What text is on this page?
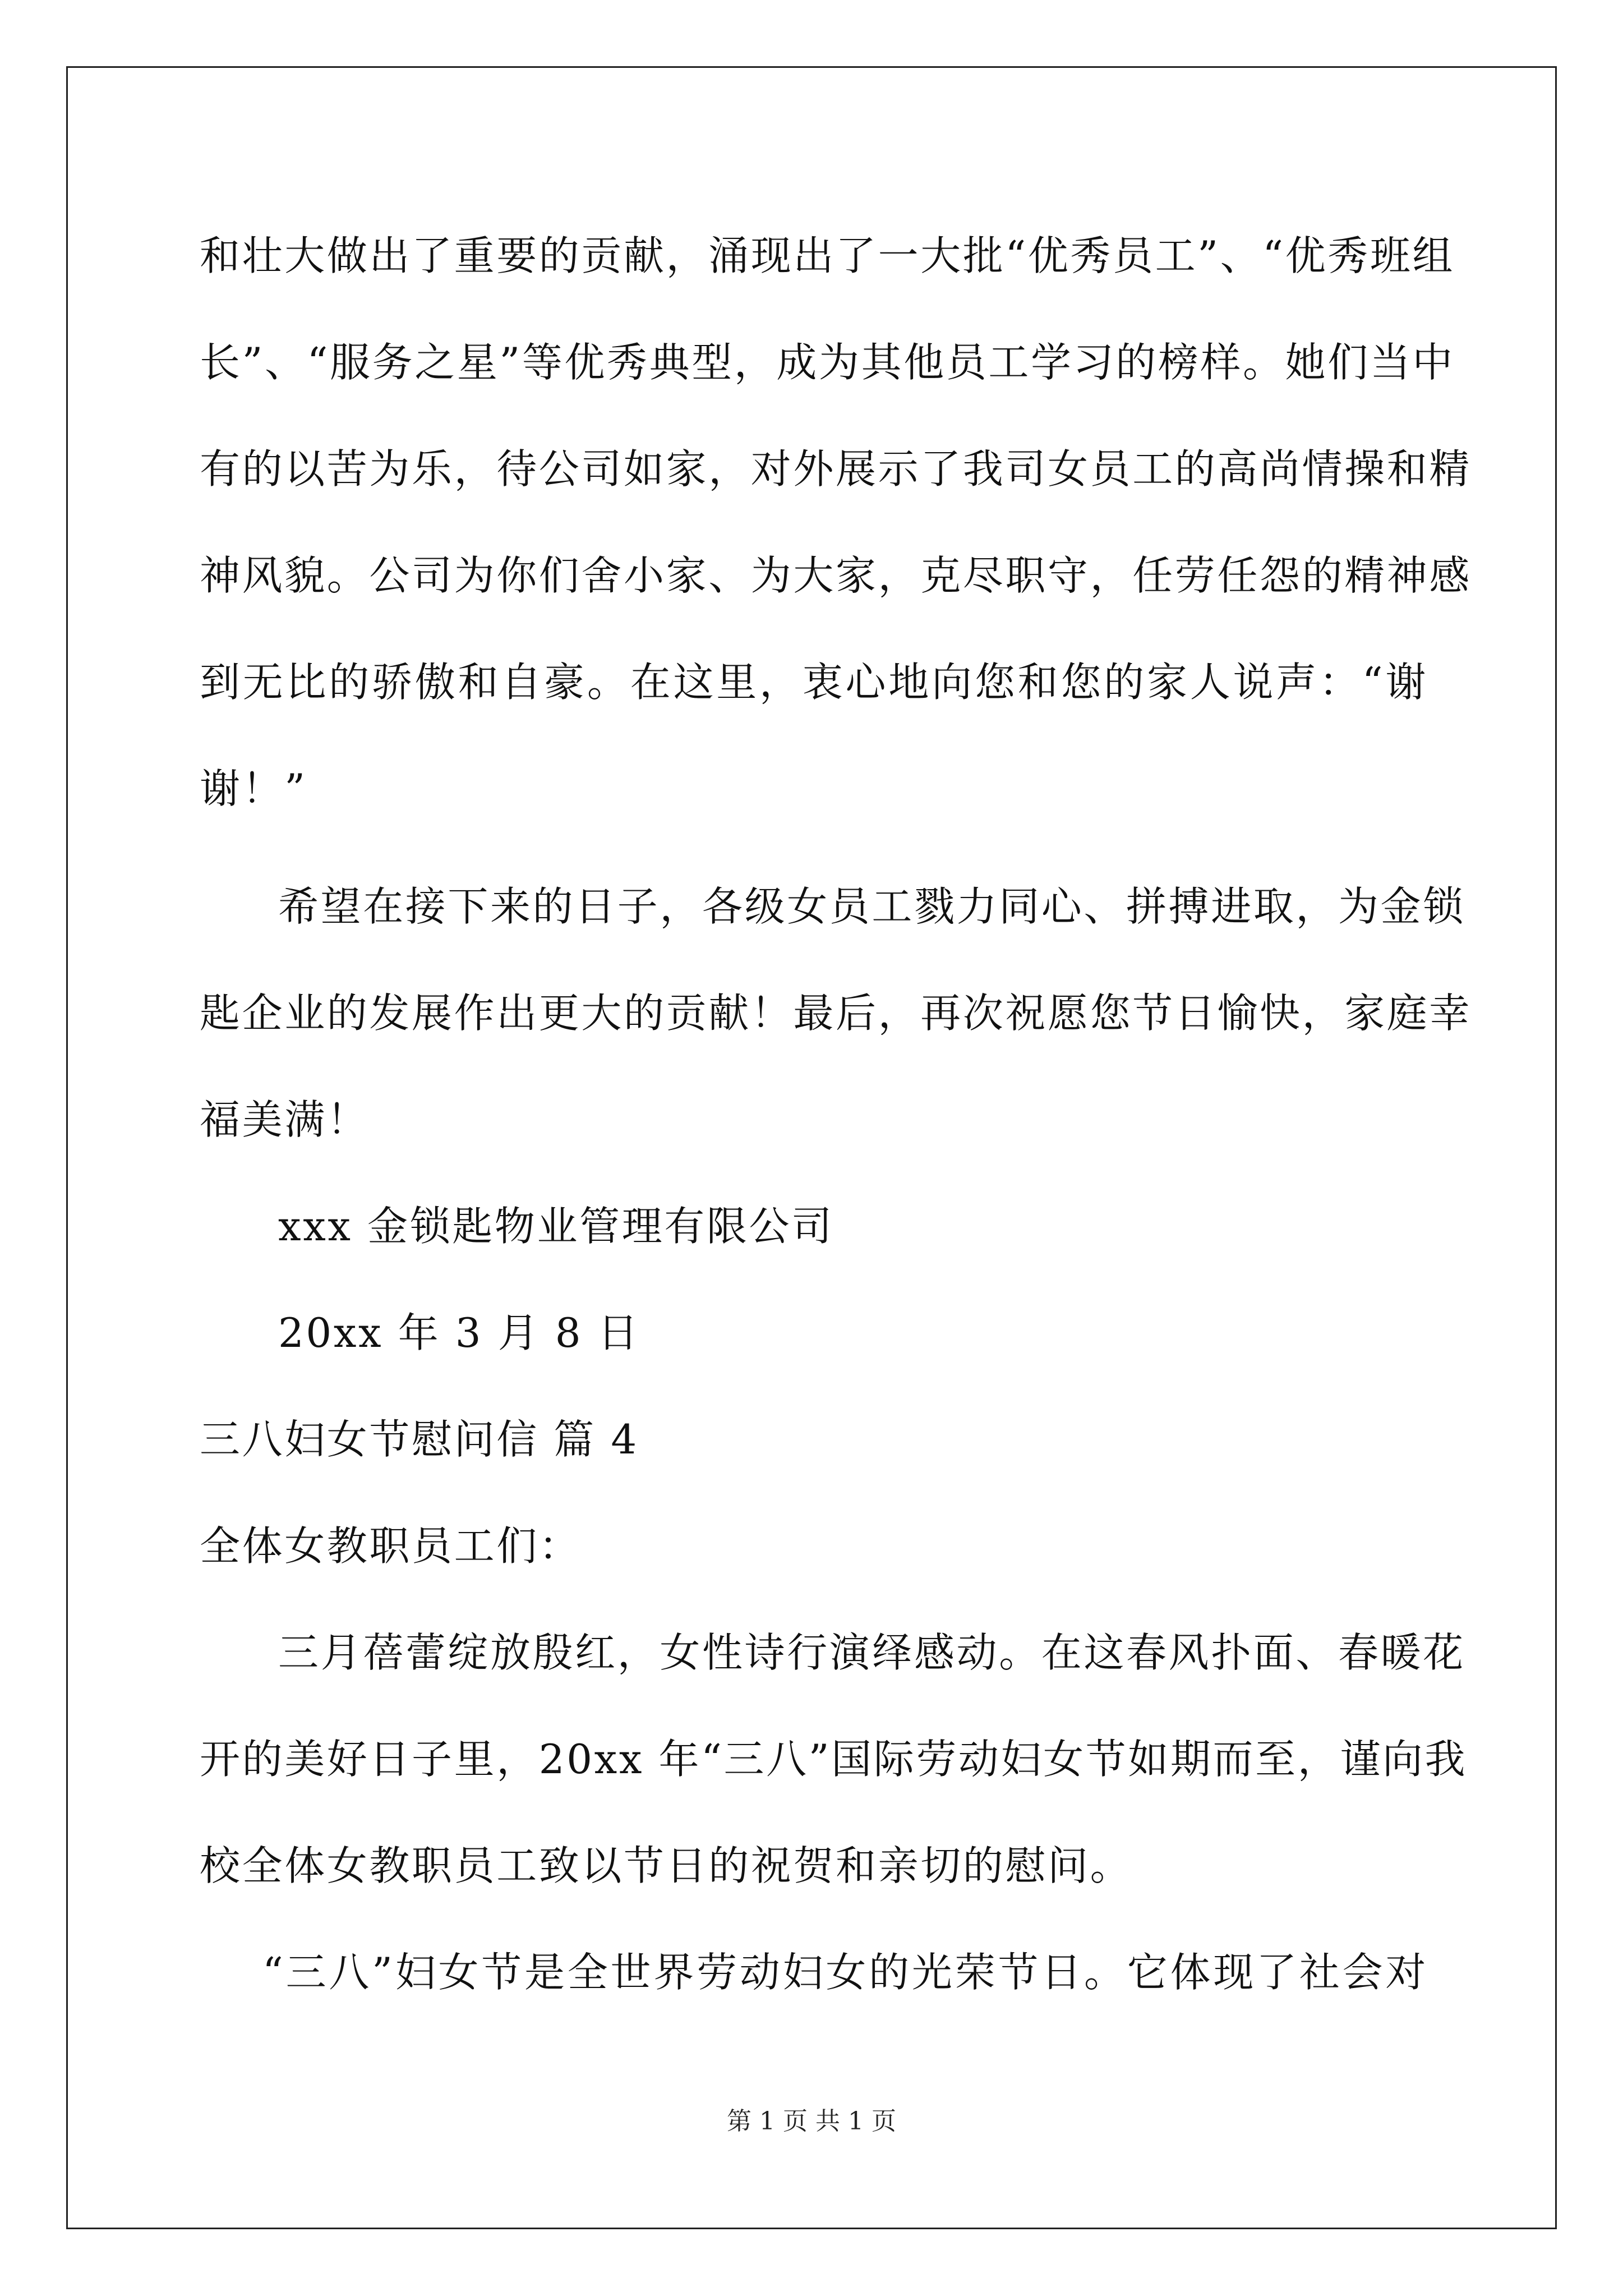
和壮大做出了重要的贡献，涌现出了一大批“优秀员工”、“优秀班组
长”、“服务之星”等优秀典型，成为其他员工学习的榜样。她们当中
有的以苦为乐，待公司如家，对外展示了我司女员工的高尚情操和精
神风貌。公司为你们舍小家、为大家，克尽职守，任劳任怨的精神感
到无比的骄傲和自豪。在这里，衷心地向您和您的家人说声：“谢
谢！”
希望在接下来的日子，各级女员工戮力同心、拼搏进取，为金锁
匙企业的发展作出更大的贡献！最后，再次祝愿您节日愉快，家庭幸
福美满！
xxx 金锁匙物业管理有限公司
20xx 年 3 月 8 日
三八妇女节慰问信 篇 4
全体女教职员工们：
三月蓓蕾绽放殷红，女性诗行演绎感动。在这春风扑面、春暖花
开的美好日子里，20xx 年“三八”国际劳动妇女节如期而至，谨向我
校全体女教职员工致以节日的祝贺和亲切的慰问。
“三八”妇女节是全世界劳动妇女的光荣节日。它体现了社会对
第 1 页 共 1 页
